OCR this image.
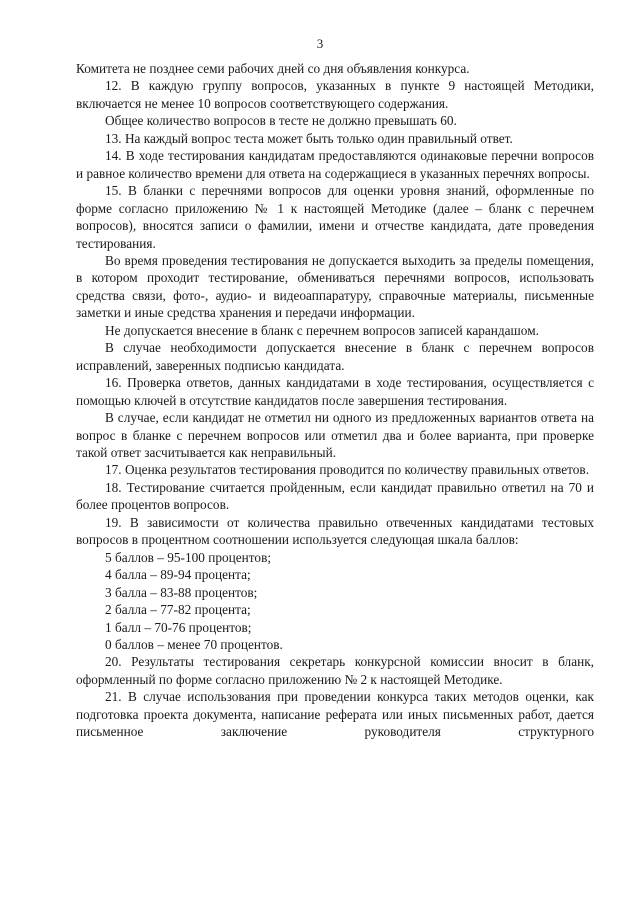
3

Комитета не позднее семи рабочих дней со дня объявления конкурса.

12. В каждую группу вопросов, указанных в пункте 9 настоящей Методики, включается не менее 10 вопросов соответствующего содержания.

Общее количество вопросов в тесте не должно превышать 60.

13. На каждый вопрос теста может быть только один правильный ответ.

14. В ходе тестирования кандидатам предоставляются одинаковые перечни вопросов и равное количество времени для ответа на содержащиеся в указанных перечнях вопросы.

15. В бланки с перечнями вопросов для оценки уровня знаний, оформленные по форме согласно приложению № 1 к настоящей Методике (далее – бланк с перечнем вопросов), вносятся записи о фамилии, имени и отчестве кандидата, дате проведения тестирования.

Во время проведения тестирования не допускается выходить за пределы помещения, в котором проходит тестирование, обмениваться перечнями вопросов, использовать средства связи, фото-, аудио- и видеоаппаратуру, справочные материалы, письменные заметки и иные средства хранения и передачи информации.

Не допускается внесение в бланк с перечнем вопросов записей карандашом.

В случае необходимости допускается внесение в бланк с перечнем вопросов исправлений, заверенных подписью кандидата.

16. Проверка ответов, данных кандидатами в ходе тестирования, осуществляется с помощью ключей в отсутствие кандидатов после завершения тестирования.

В случае, если кандидат не отметил ни одного из предложенных вариантов ответа на вопрос в бланке с перечнем вопросов или отметил два и более варианта, при проверке такой ответ засчитывается как неправильный.

17. Оценка результатов тестирования проводится по количеству правильных ответов.

18. Тестирование считается пройденным, если кандидат правильно ответил на 70 и более процентов вопросов.

19. В зависимости от количества правильно отвеченных кандидатами тестовых вопросов в процентном соотношении используется следующая шкала баллов:

5 баллов – 95-100 процентов;

4 балла – 89-94 процента;

3 балла – 83-88 процентов;

2 балла – 77-82 процента;

1 балл – 70-76 процентов;

0 баллов – менее 70 процентов.

20. Результаты тестирования секретарь конкурсной комиссии вносит в бланк, оформленный по форме согласно приложению № 2 к настоящей Методике.

21. В случае использования при проведении конкурса таких методов оценки, как подготовка проекта документа, написание реферата или иных письменных работ, дается письменное заключение руководителя структурного
